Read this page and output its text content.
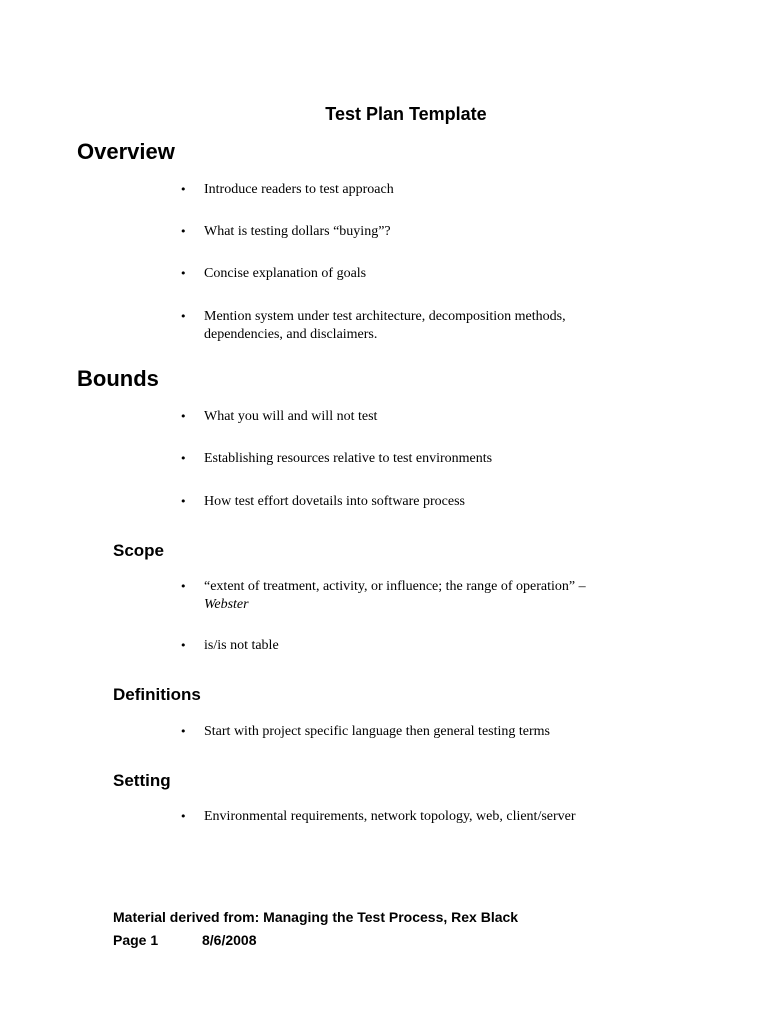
Test Plan Template
Overview

• Introduce readers to test approach

• What is testing dollars “buying”?

• Concise explanation of goals

• Mention system under test architecture, decomposition methods, dependencies, and disclaimers.

Bounds

• What you will and will not test

• Establishing resources relative to test environments

• How test effort dovetails into software process

Scope

• “extent of treatment, activity, or influence; the range of operation” –
Webster

• is/is not table

Definitions

• Start with project specific language then general testing terms

Setting

• Environmental requirements, network topology, web, client/server

Material derived from: Managing the Test Process, Rex Black

Page 1	8/6/2008
